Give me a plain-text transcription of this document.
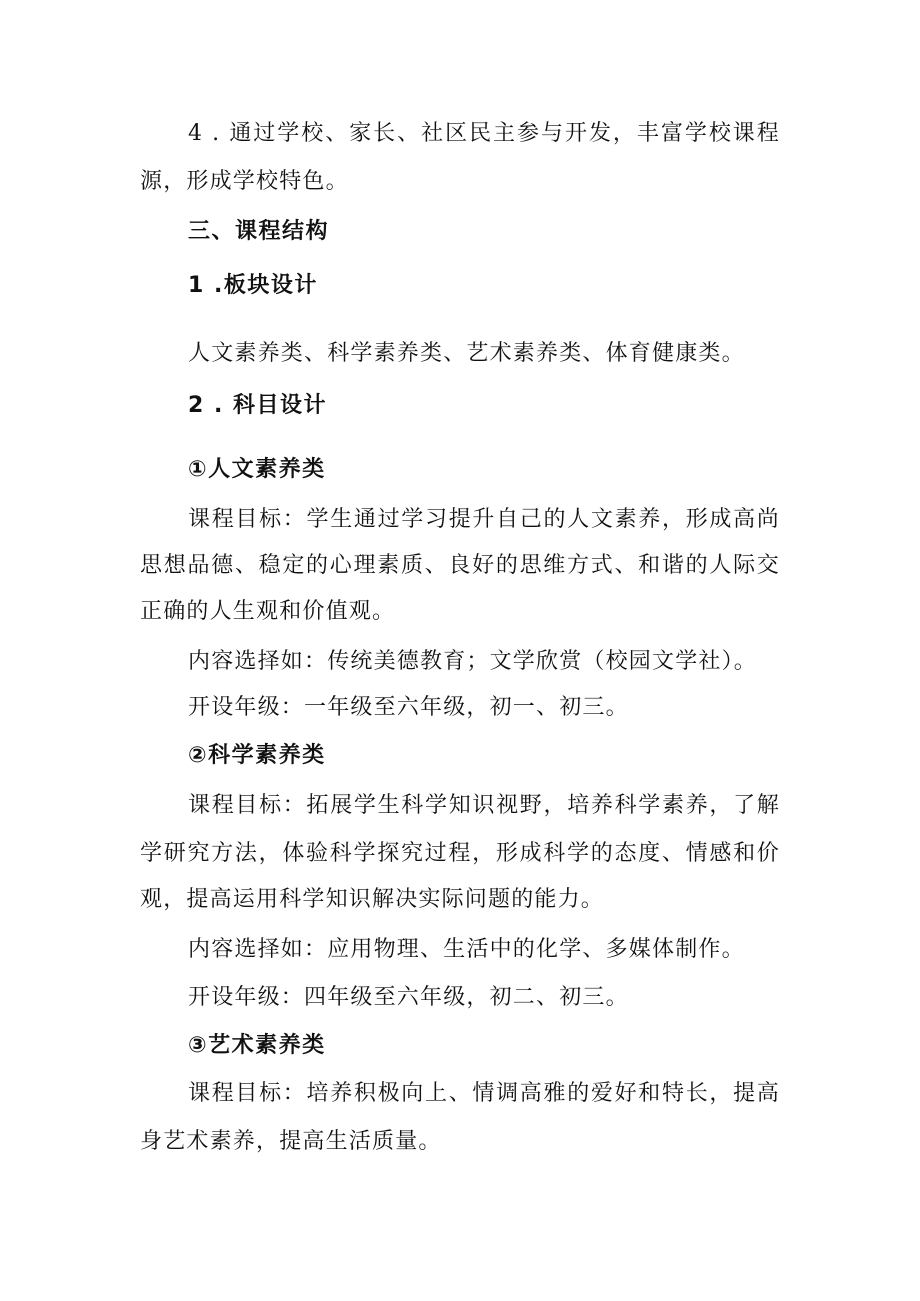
4 . 通过学校、家长、社区民主参与开发，丰富学校课程

源，形成学校特色。

三、课程结构

1 .板块设计

人文素养类、科学素养类、艺术素养类、体育健康类。

2 . 科目设计

①人文素养类

课程目标：学生通过学习提升自己的人文素养，形成高尚

思想品德、稳定的心理素质、良好的思维方式、和谐的人际交

正确的人生观和价值观。

内容选择如：传统美德教育；文学欣赏（校园文学社）。

开设年级：一年级至六年级，初一、初三。

②科学素养类

课程目标：拓展学生科学知识视野，培养科学素养，了解

学研究方法，体验科学探究过程，形成科学的态度、情感和价

观，提高运用科学知识解决实际问题的能力。

内容选择如：应用物理、生活中的化学、多媒体制作。

开设年级：四年级至六年级，初二、初三。

③艺术素养类

课程目标：培养积极向上、情调高雅的爱好和特长，提高

身艺术素养，提高生活质量。
